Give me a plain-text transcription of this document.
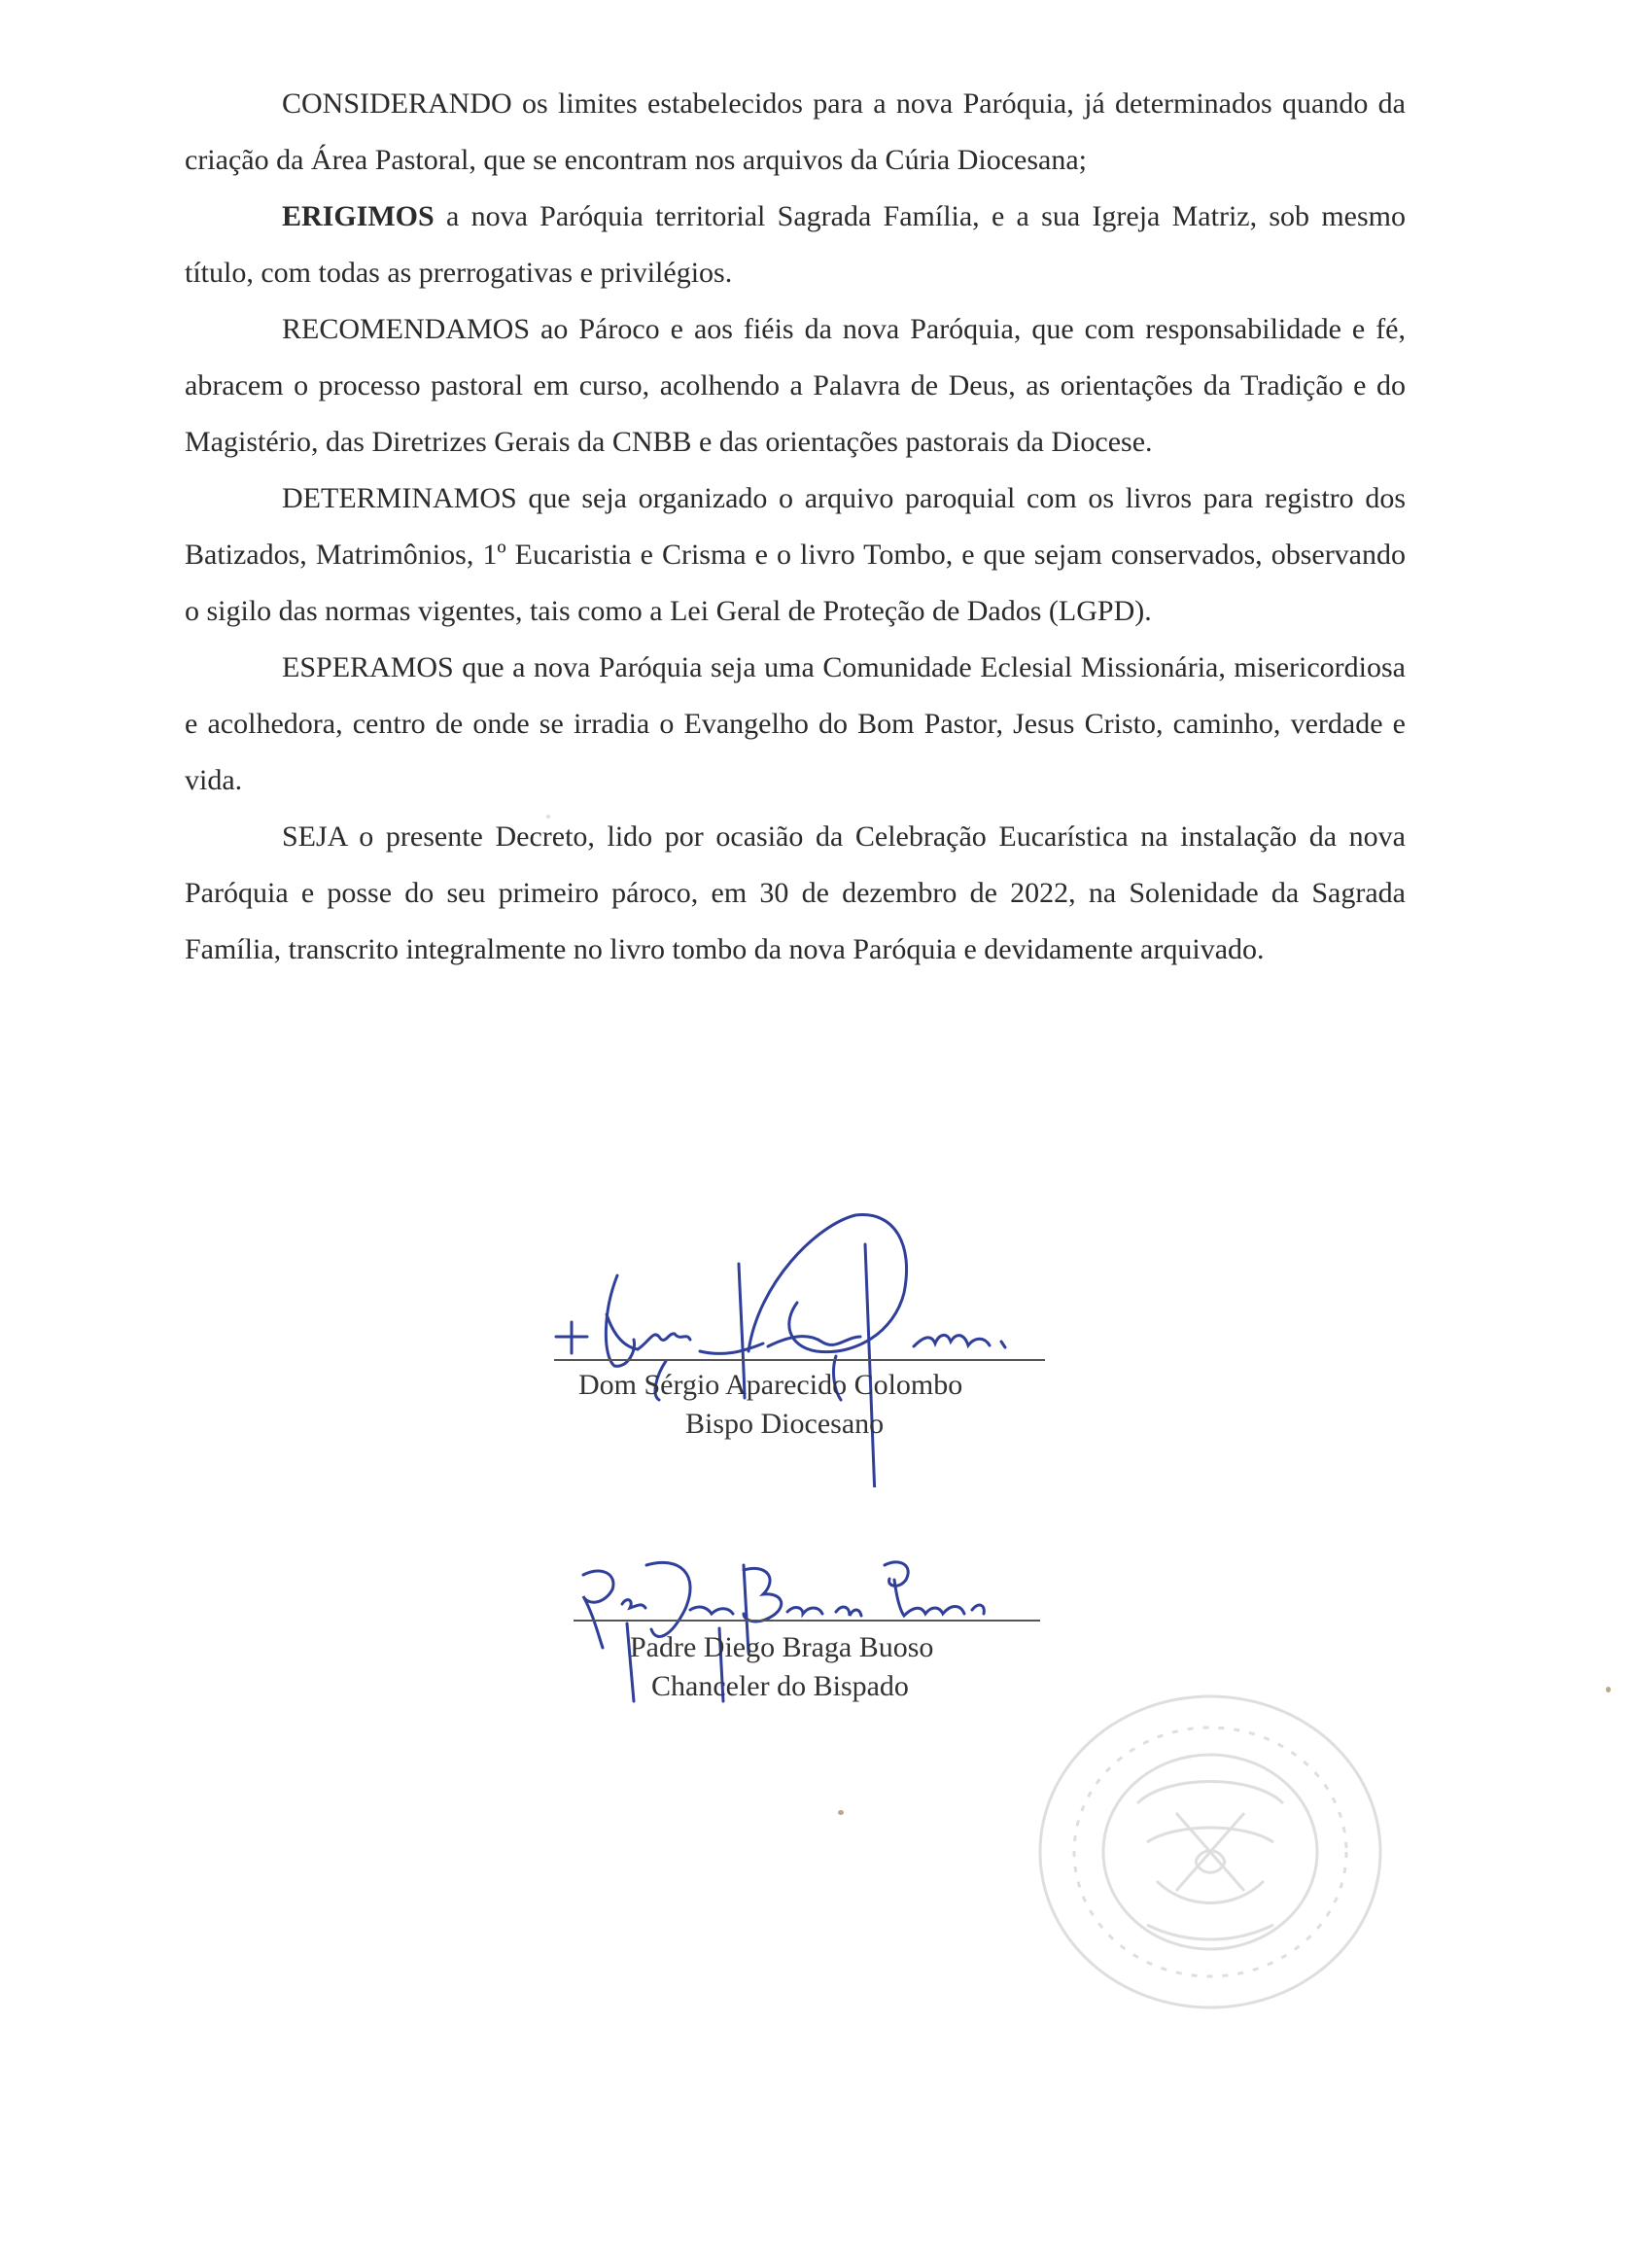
CONSIDERANDO os limites estabelecidos para a nova Paróquia, já determinados quando da criação da Área Pastoral, que se encontram nos arquivos da Cúria Diocesana;

ERIGIMOS a nova Paróquia territorial Sagrada Família, e a sua Igreja Matriz, sob mesmo título, com todas as prerrogativas e privilégios.

RECOMENDAMOS ao Pároco e aos fiéis da nova Paróquia, que com responsabilidade e fé, abracem o processo pastoral em curso, acolhendo a Palavra de Deus, as orientações da Tradição e do Magistério, das Diretrizes Gerais da CNBB e das orientações pastorais da Diocese.

DETERMINAMOS que seja organizado o arquivo paroquial com os livros para registro dos Batizados, Matrimônios, 1º Eucaristia e Crisma e o livro Tombo, e que sejam conservados, observando o sigilo das normas vigentes, tais como a Lei Geral de Proteção de Dados (LGPD).

ESPERAMOS que a nova Paróquia seja uma Comunidade Eclesial Missionária, misericordiosa e acolhedora, centro de onde se irradia o Evangelho do Bom Pastor, Jesus Cristo, caminho, verdade e vida.

SEJA o presente Decreto, lido por ocasião da Celebração Eucarística na instalação da nova Paróquia e posse do seu primeiro pároco, em 30 de dezembro de 2022, na Solenidade da Sagrada Família, transcrito integralmente no livro tombo da nova Paróquia e devidamente arquivado.

Dom Sérgio Aparecido Colombo
Bispo Diocesano
Padre Diego Braga Buoso
Chanceler do Bispado
